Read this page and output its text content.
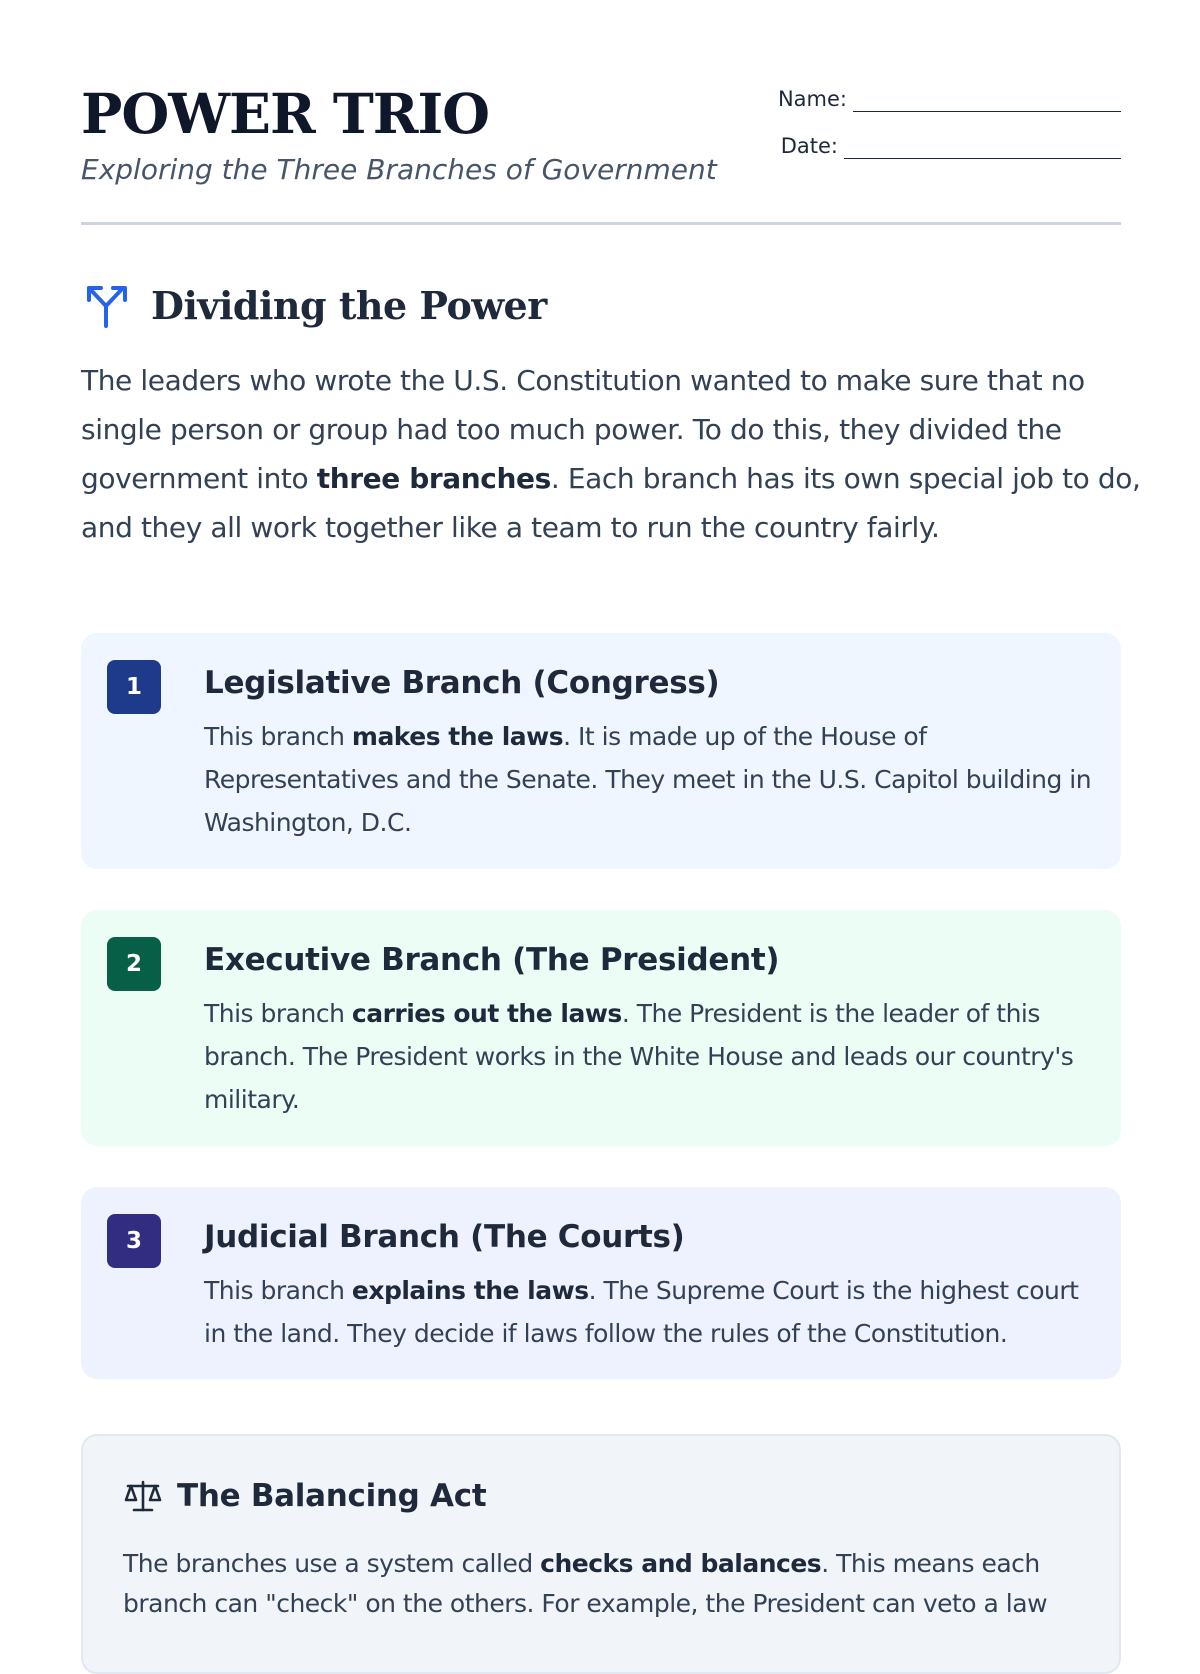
POWER TRIO
Exploring the Three Branches of Government
Name:
Date:
Dividing the Power

The leaders who wrote the U.S. Constitution wanted to make sure that no single person or group had too much power. To do this, they divided the government into three branches. Each branch has its own special job to do, and they all work together like a team to run the country fairly.

1	Legislative Branch (Congress)

This branch makes the laws. It is made up of the House of Representatives and the Senate. They meet in the U.S. Capitol building in Washington, D.C.

2	Executive Branch (The President)

This branch carries out the laws. The President is the leader of this branch. The President works in the White House and leads our country's military.

3	Judicial Branch (The Courts)

This branch explains the laws. The Supreme Court is the highest court in the land. They decide if laws follow the rules of the Constitution.

The Balancing Act

The branches use a system called checks and balances. This means each branch can "check" on the others. For example, the President can veto a law
